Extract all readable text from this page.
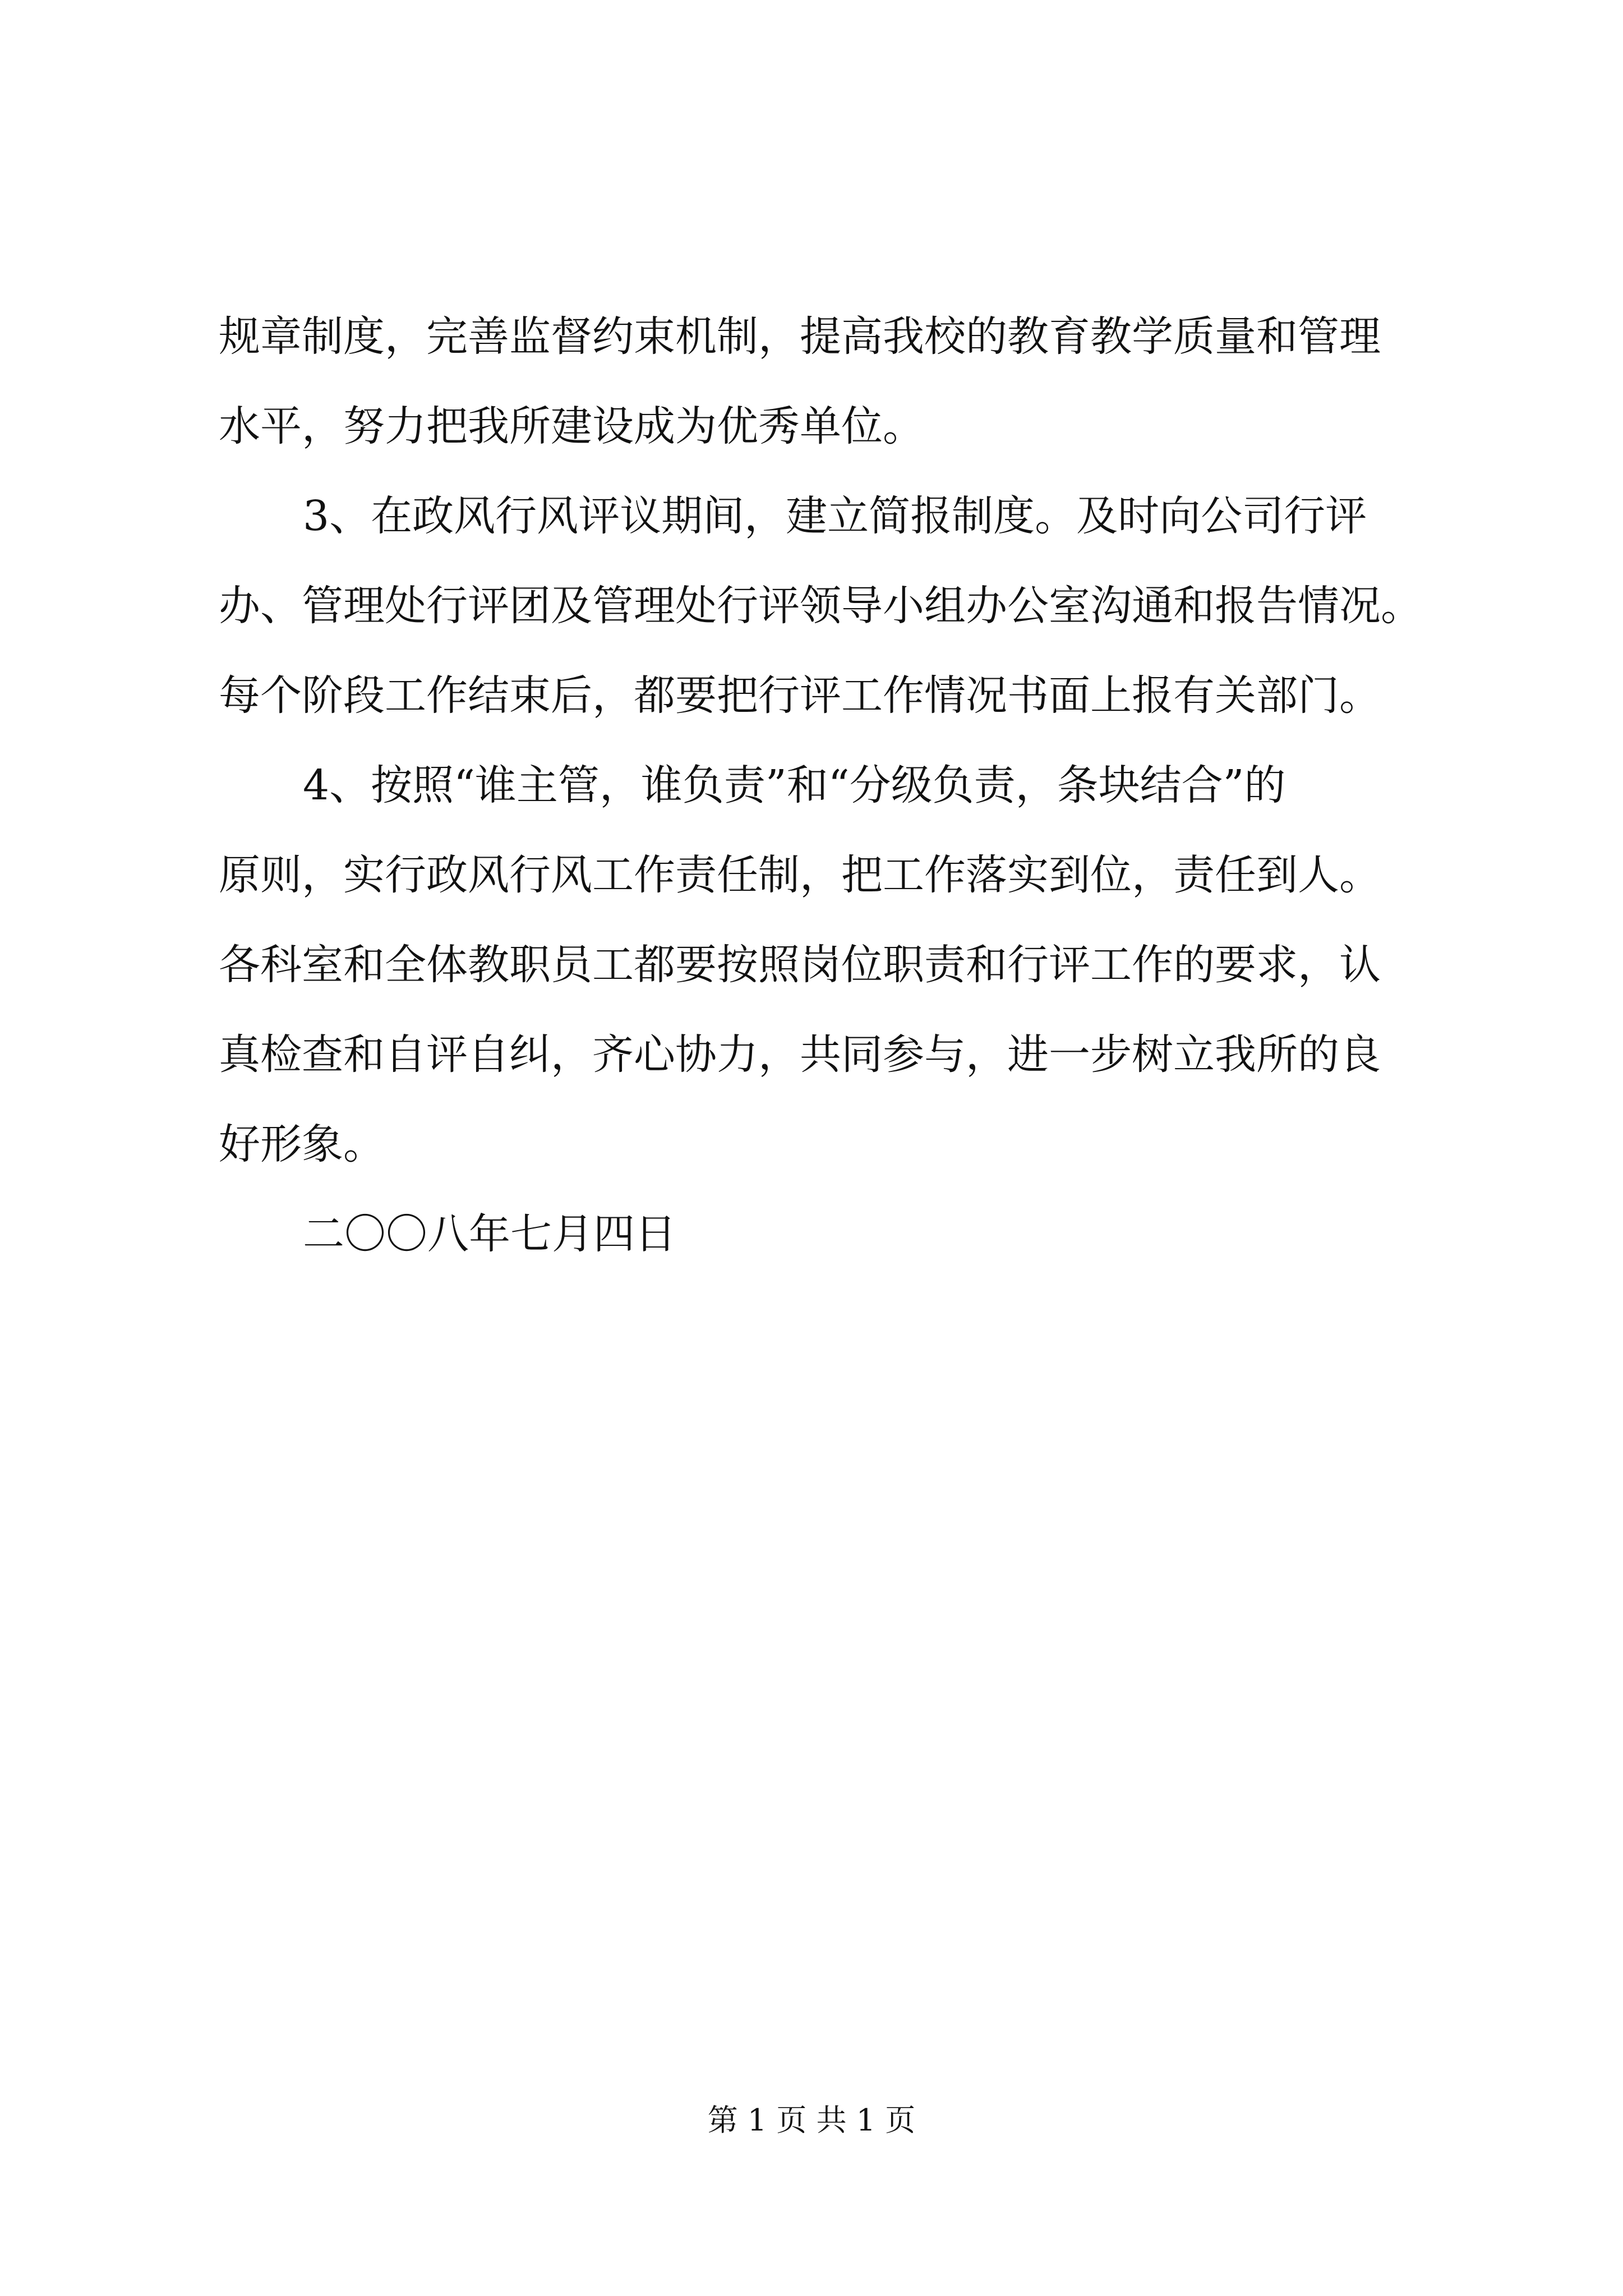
规章制度，完善监督约束机制，提高我校的教育教学质量和管理
水平，努力把我所建设成为优秀单位。
3、在政风行风评议期间，建立简报制度。及时向公司行评
办、管理处行评团及管理处行评领导小组办公室沟通和报告情况。
每个阶段工作结束后，都要把行评工作情况书面上报有关部门。
4、按照“谁主管，谁负责”和“分级负责，条块结合”的
原则，实行政风行风工作责任制，把工作落实到位，责任到人。
各科室和全体教职员工都要按照岗位职责和行评工作的要求，认
真检查和自评自纠，齐心协力，共同参与，进一步树立我所的良
好形象。
二〇〇八年七月四日
第 1 页 共 1 页
